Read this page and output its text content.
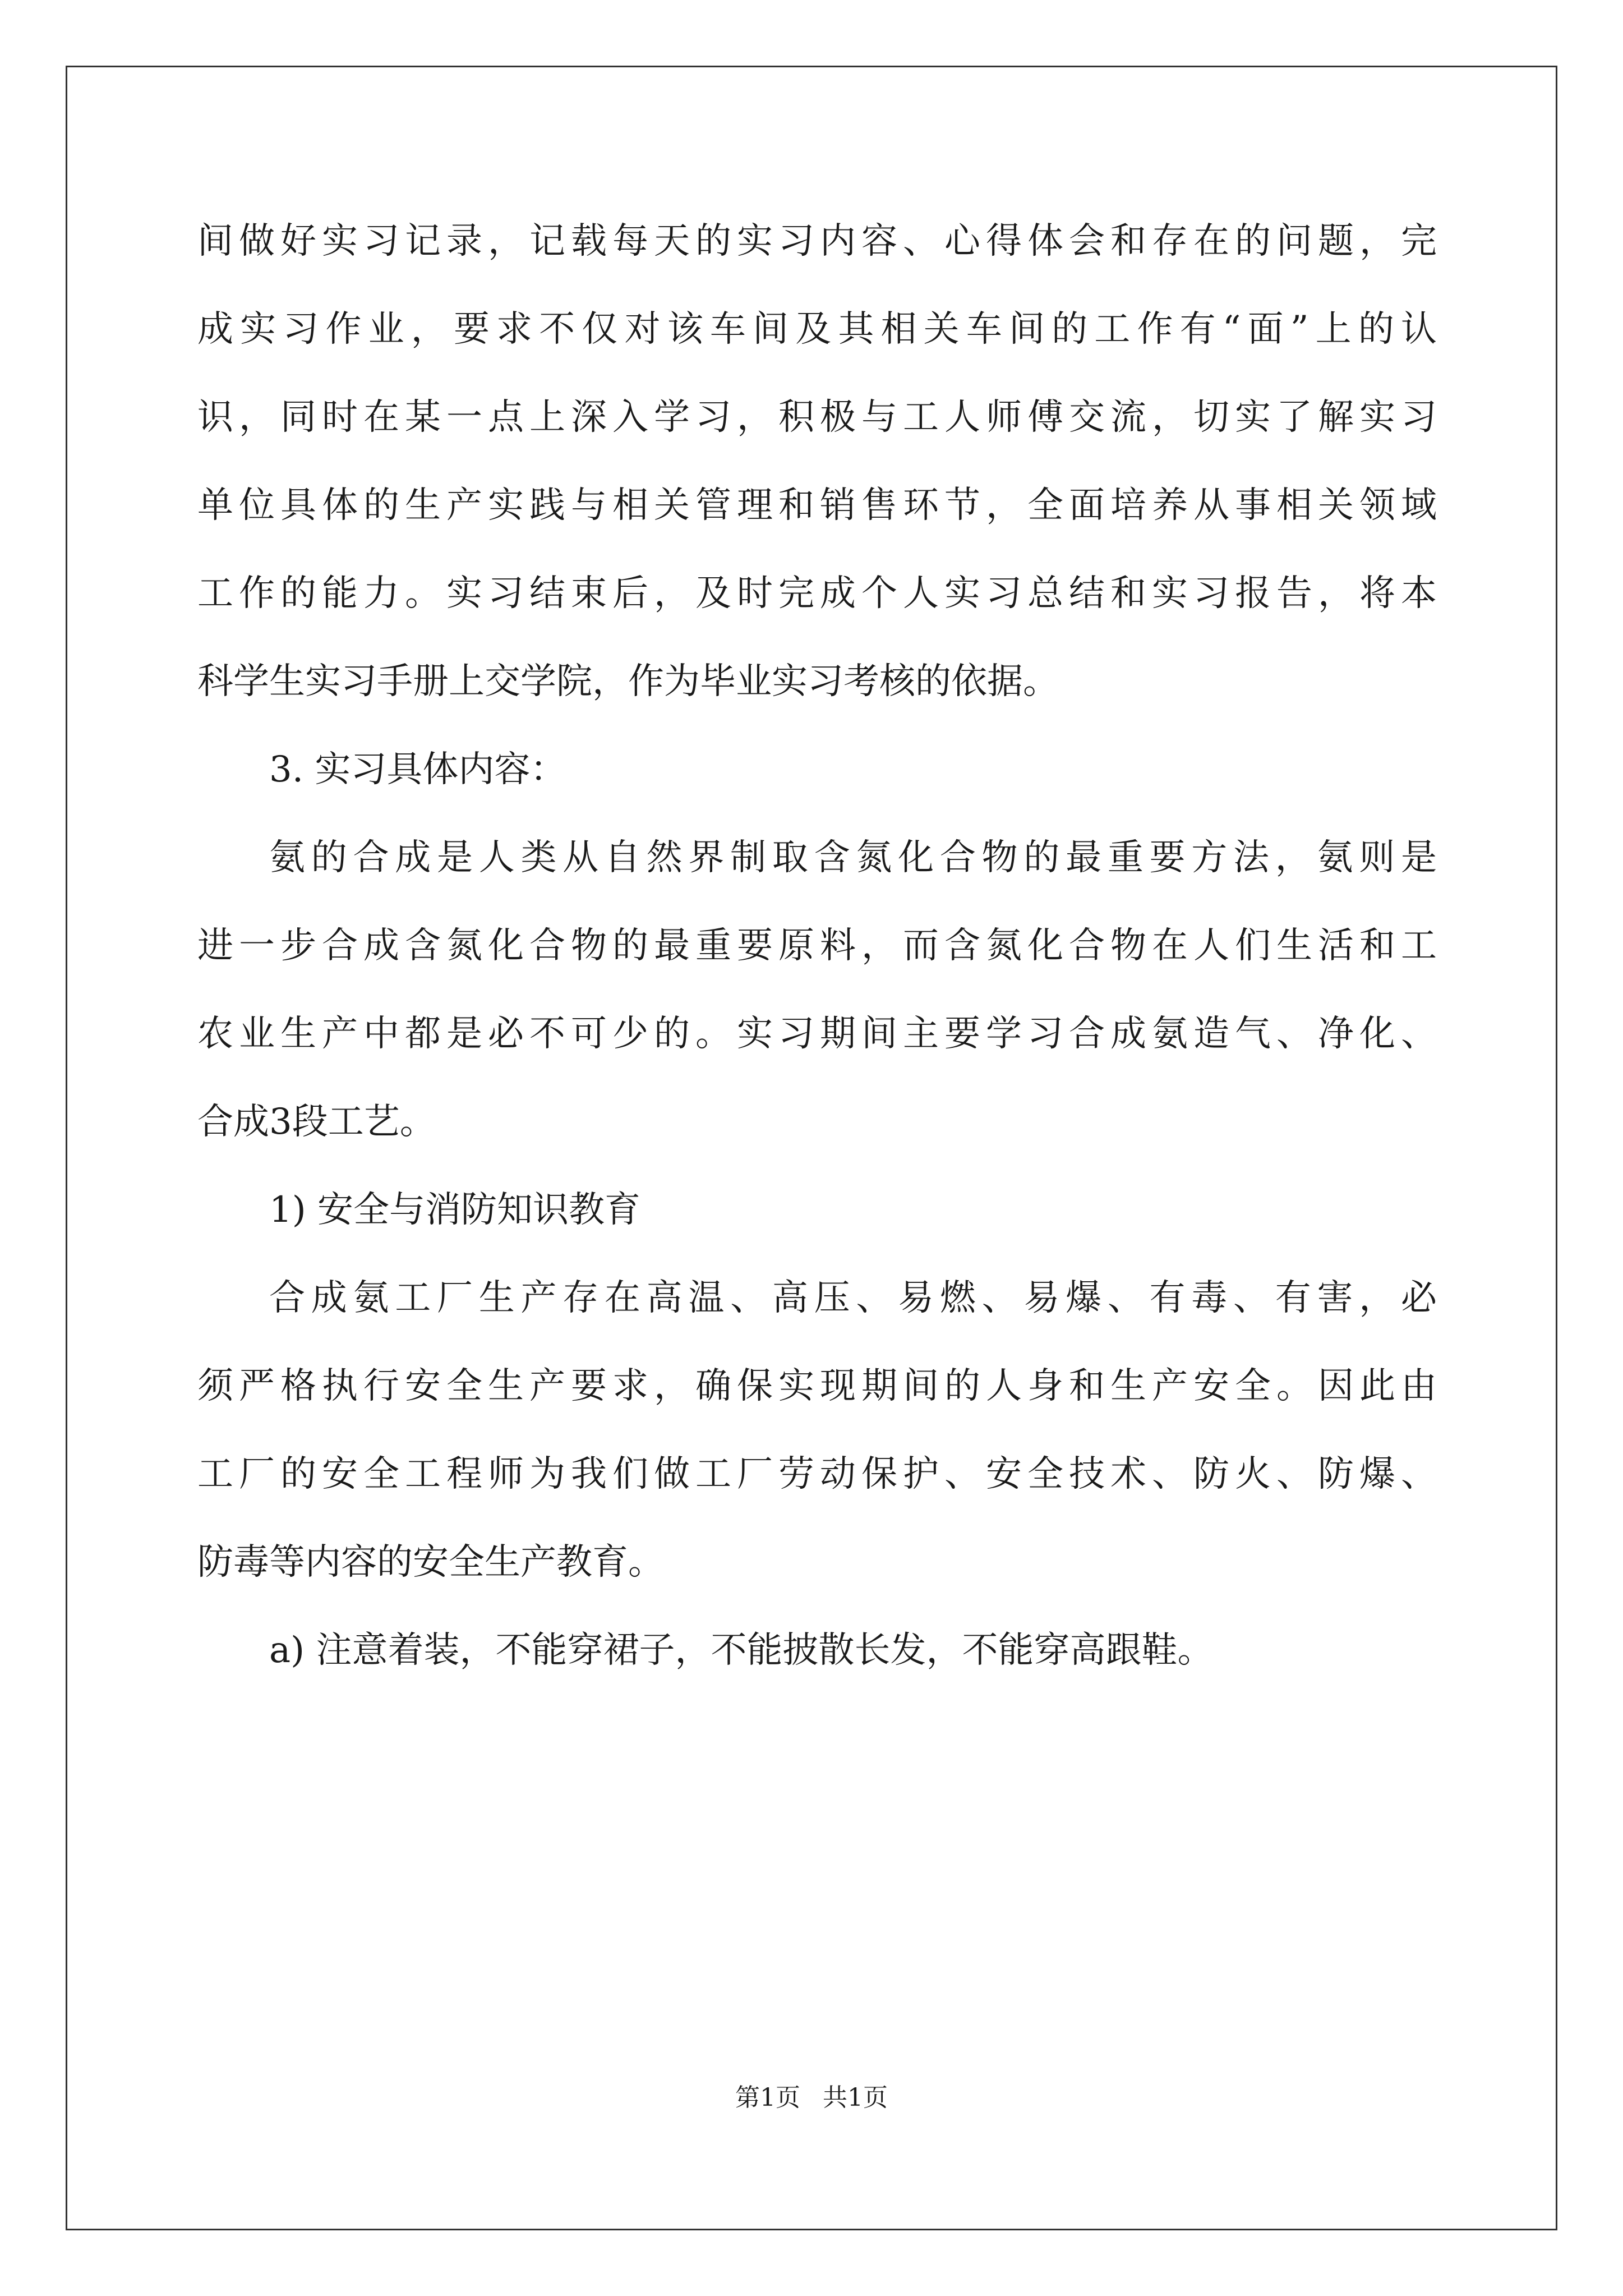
间做好实习记录，记载每天的实习内容、心得体会和存在的问题，完
成实习作业，要求不仅对该车间及其相关车间的工作有“面”上的认
识，同时在某一点上深入学习，积极与工人师傅交流，切实了解实习
单位具体的生产实践与相关管理和销售环节，全面培养从事相关领域
工作的能力。实习结束后，及时完成个人实习总结和实习报告，将本
科学生实习手册上交学院，作为毕业实习考核的依据。
3. 实习具体内容：
氨的合成是人类从自然界制取含氮化合物的最重要方法，氨则是
进一步合成含氮化合物的最重要原料，而含氮化合物在人们生活和工
农业生产中都是必不可少的。实习期间主要学习合成氨造气、净化、
合成3段工艺。
1) 安全与消防知识教育
合成氨工厂生产存在高温、高压、易燃、易爆、有毒、有害，必
须严格执行安全生产要求，确保实现期间的人身和生产安全。因此由
工厂的安全工程师为我们做工厂劳动保护、安全技术、防火、防爆、
防毒等内容的安全生产教育。
a) 注意着装，不能穿裙子，不能披散长发，不能穿高跟鞋。
第1页 共1页
